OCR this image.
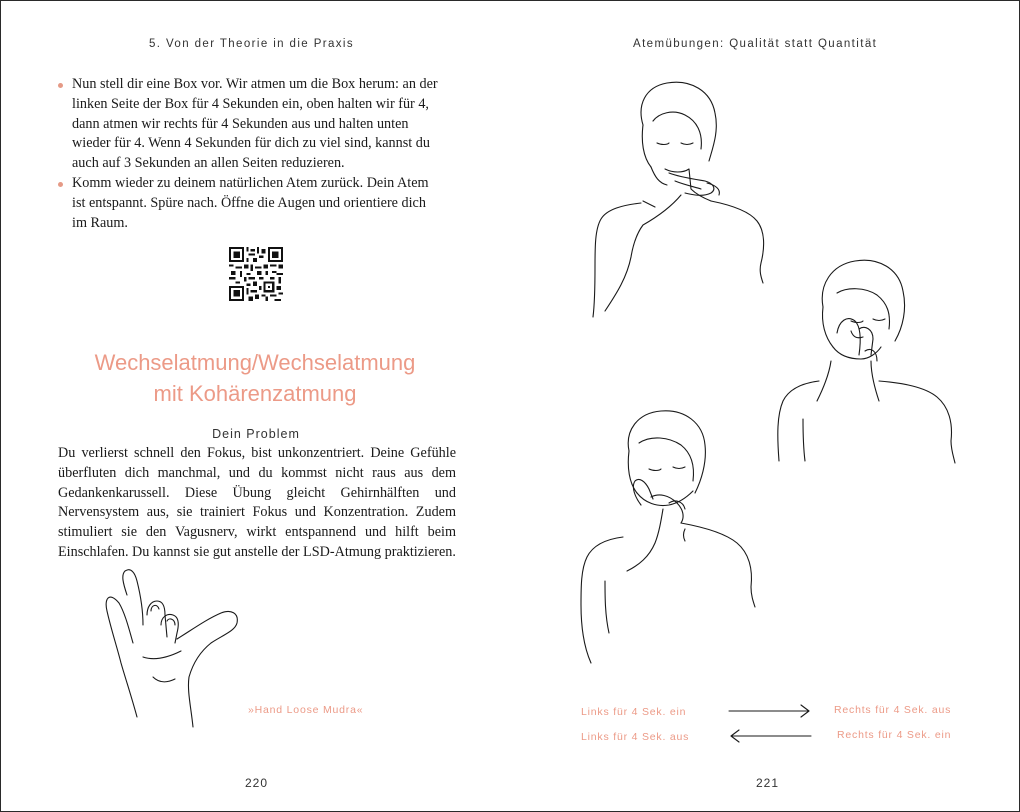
5. Von der Theorie in die Praxis
Nun stell dir eine Box vor. Wir atmen um die Box herum: an der linken Seite der Box für 4 Sekunden ein, oben halten wir für 4, dann atmen wir rechts für 4 Sekunden aus und halten unten wieder für 4. Wenn 4 Sekunden für dich zu viel sind, kannst du auch auf 3 Sekunden an allen Seiten reduzieren.
Komm wieder zu deinem natürlichen Atem zurück. Dein Atem ist entspannt. Spüre nach. Öffne die Augen und orientiere dich im Raum.
Wechselatmung/Wechselatmung
mit Kohärenzatmung
Dein Problem
Du verlierst schnell den Fokus, bist unkonzentriert. Deine Gefühle überfluten dich manchmal, und du kommst nicht raus aus dem Gedankenkarussell. Diese Übung gleicht Gehirnhälften und Nervensystem aus, sie trainiert Fokus und Konzentration. Zudem stimuliert sie den Vagusnerv, wirkt entspannend und hilft beim Einschlafen. Du kannst sie gut anstelle der LSD-Atmung praktizieren.
»Hand Loose Mudra«
220
Atemübungen: Qualität statt Quantität
Links für 4 Sek. ein	Rechts für 4 Sek. aus
Links für 4 Sek. aus	Rechts für 4 Sek. ein
221
